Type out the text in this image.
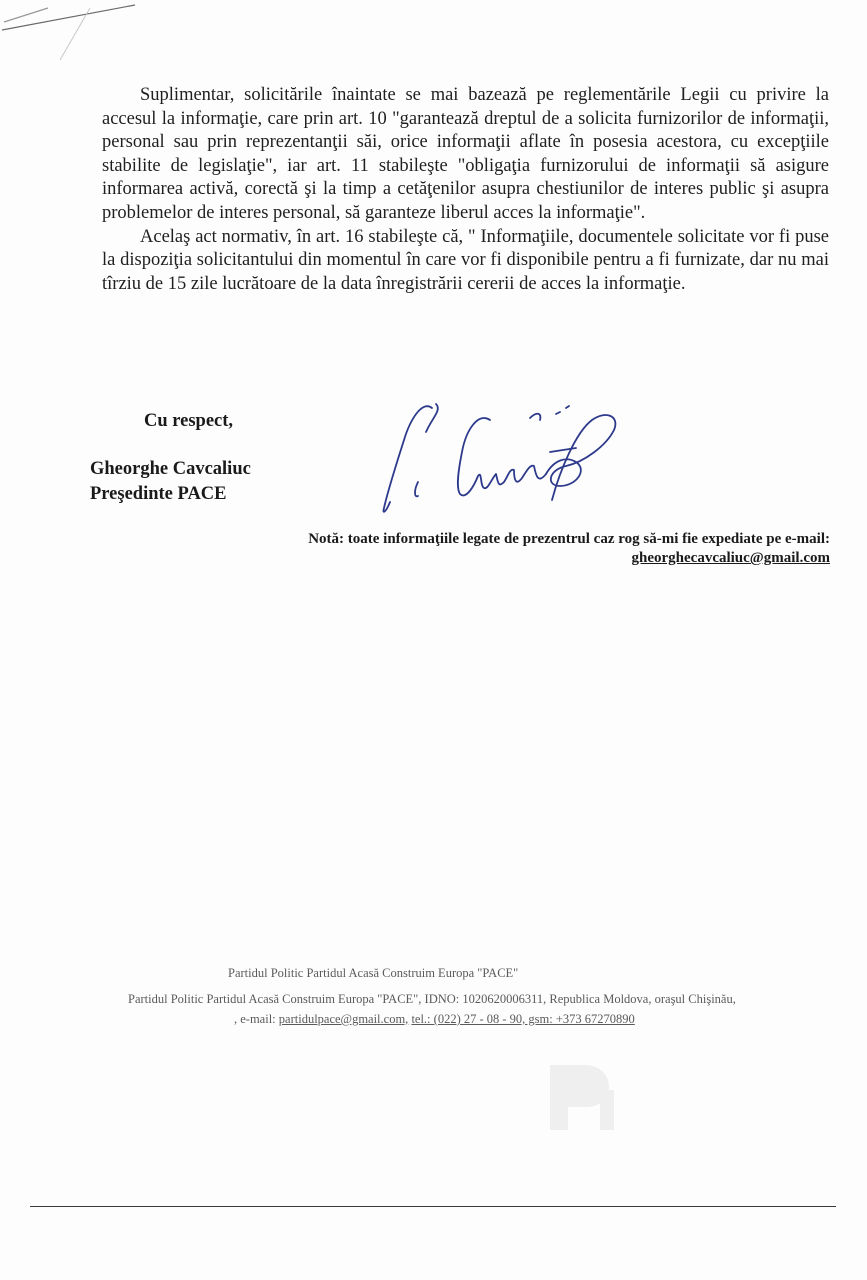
Suplimentar, solicitările înaintate se mai bazează pe reglementările Legii cu privire la accesul la informaţie, care prin art. 10 "garantează dreptul de a solicita furnizorilor de informaţii, personal sau prin reprezentanţii săi, orice informaţii aflate în posesia acestora, cu excepţiile stabilite de legislaţie", iar art. 11 stabileşte "obligaţia furnizorului de informaţii să asigure informarea activă, corectă şi la timp a cetăţenilor asupra chestiunilor de interes public şi asupra problemelor de interes personal, să garanteze liberul acces la informaţie".

Acelaş act normativ, în art. 16 stabileşte că, " Informaţiile, documentele solicitate vor fi puse la dispoziţia solicitantului din momentul în care vor fi disponibile pentru a fi furnizate, dar nu mai tîrziu de 15 zile lucrătoare de la data înregistrării cererii de acces la informaţie.

Cu respect,
Gheorghe Cavcaliuc
Preşedinte PACE
Notă: toate informaţiile legate de prezentrul caz rog să-mi fie expediate pe e-mail:
gheorghecavcaliuc@gmail.com
Partidul Politic Partidul Acasă Construim Europa "PACE"
Partidul Politic Partidul Acasă Construim Europa "PACE", IDNO: 1020620006311, Republica Moldova, oraşul Chişinău,
, e-mail: partidulpace@gmail.com, tel.: (022) 27 - 08 - 90, gsm: +373 67270890
